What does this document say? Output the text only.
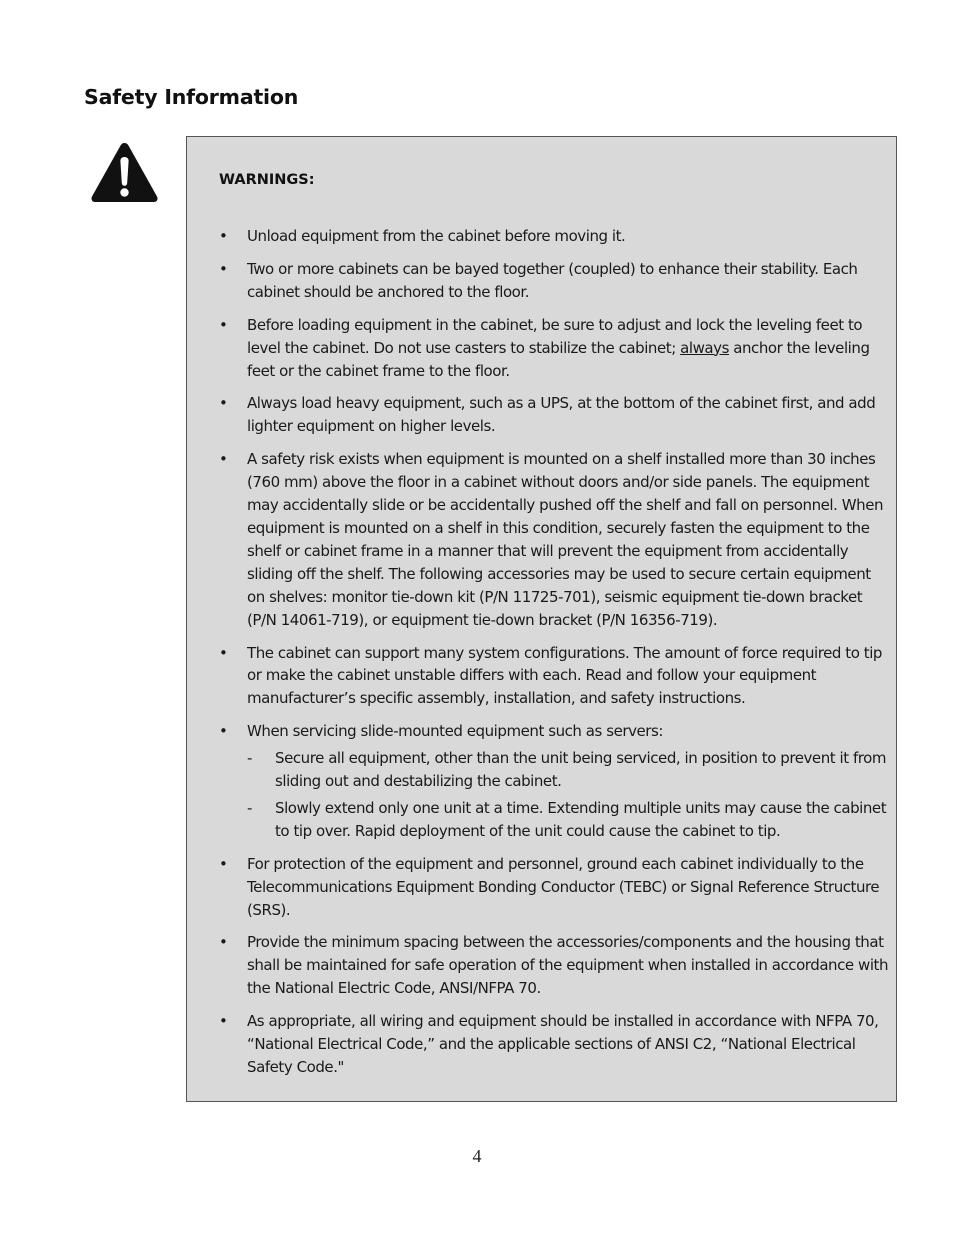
Safety Information
WARNINGS:
• Unload equipment from the cabinet before moving it.
• Two or more cabinets can be bayed together (coupled) to enhance their stability. Each cabinet should be anchored to the floor.
• Before loading equipment in the cabinet, be sure to adjust and lock the leveling feet to level the cabinet. Do not use casters to stabilize the cabinet; always anchor the leveling feet or the cabinet frame to the floor.
• Always load heavy equipment, such as a UPS, at the bottom of the cabinet first, and add lighter equipment on higher levels.
• A safety risk exists when equipment is mounted on a shelf installed more than 30 inches (760 mm) above the floor in a cabinet without doors and/or side panels. The equipment may accidentally slide or be accidentally pushed off the shelf and fall on personnel. When equipment is mounted on a shelf in this condition, securely fasten the equipment to the shelf or cabinet frame in a manner that will prevent the equipment from accidentally sliding off the shelf. The following accessories may be used to secure certain equipment on shelves: monitor tie-down kit (P/N 11725-701), seismic equipment tie-down bracket (P/N 14061-719), or equipment tie-down bracket (P/N 16356-719).
• The cabinet can support many system configurations. The amount of force required to tip or make the cabinet unstable differs with each. Read and follow your equipment manufacturer’s specific assembly, installation, and safety instructions.
• When servicing slide-mounted equipment such as servers:
- Secure all equipment, other than the unit being serviced, in position to prevent it from sliding out and destabilizing the cabinet.
- Slowly extend only one unit at a time. Extending multiple units may cause the cabinet to tip over. Rapid deployment of the unit could cause the cabinet to tip.
• For protection of the equipment and personnel, ground each cabinet individually to the Telecommunications Equipment Bonding Conductor (TEBC) or Signal Reference Structure (SRS).
• Provide the minimum spacing between the accessories/components and the housing that shall be maintained for safe operation of the equipment when installed in accordance with the National Electric Code, ANSI/NFPA 70.
• As appropriate, all wiring and equipment should be installed in accordance with NFPA 70, “National Electrical Code,” and the applicable sections of ANSI C2, “National Electrical Safety Code."
4
